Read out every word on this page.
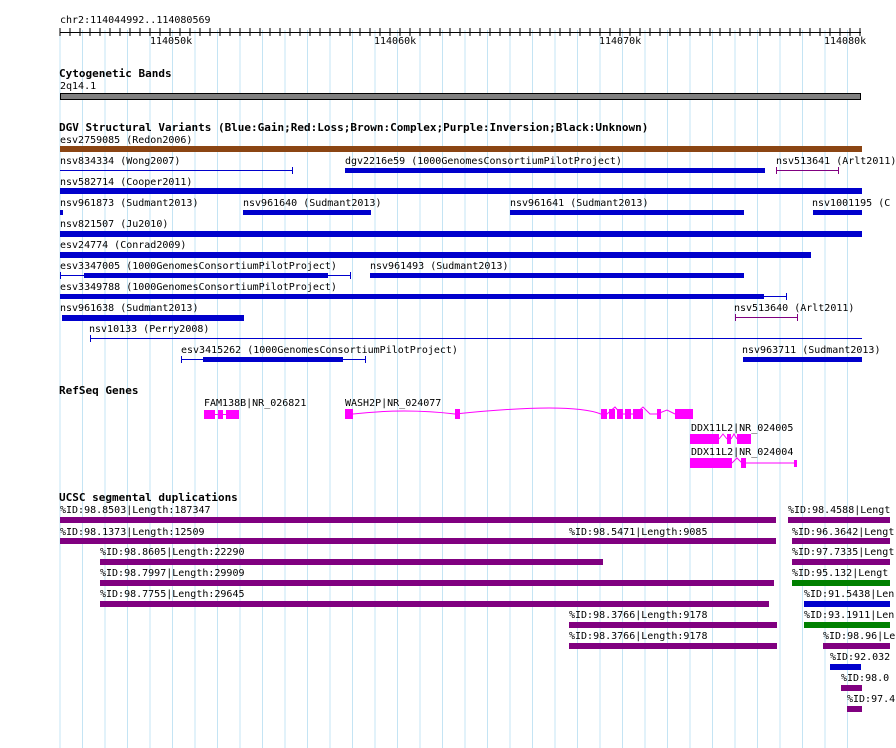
chr2:114044992..114080569
114050k	114060k	114070k	114080k
Cytogenetic Bands
2q14.1
DGV Structural Variants (Blue:Gain;Red:Loss;Brown:Complex;Purple:Inversion;Black:Unknown)
esv2759085 (Redon2006)
nsv834334 (Wong2007)	dgv2216e59 (1000GenomesConsortiumPilotProject)	nsv513641 (Arlt2011)
nsv582714 (Cooper2011)
nsv961873 (Sudmant2013)	nsv961640 (Sudmant2013)	nsv961641 (Sudmant2013)	nsv1001195 (C
nsv821507 (Ju2010)
esv24774 (Conrad2009)
esv3347005 (1000GenomesConsortiumPilotProject)	nsv961493 (Sudmant2013)
esv3349788 (1000GenomesConsortiumPilotProject)
nsv961638 (Sudmant2013)	nsv513640 (Arlt2011)
nsv10133 (Perry2008)
esv3415262 (1000GenomesConsortiumPilotProject)	nsv963711 (Sudmant2013)
RefSeq Genes
FAM138B|NR_026821	WASH2P|NR_024077
DDX11L2|NR_024005
DDX11L2|NR_024004
UCSC segmental duplications
%ID:98.8503|Length:187347	%ID:98.4588|Lengt
%ID:98.1373|Length:12509	%ID:98.5471|Length:9085	%ID:96.3642|Lengt
%ID:98.8605|Length:22290	%ID:97.7335|Lengt
%ID:98.7997|Length:29909	%ID:95.132|Lengt
%ID:98.7755|Length:29645	%ID:91.5438|Len
%ID:98.3766|Length:9178	%ID:93.1911|Len
%ID:98.3766|Length:9178	%ID:98.96|Le
%ID:92.032
%ID:98.0
%ID:97.4
